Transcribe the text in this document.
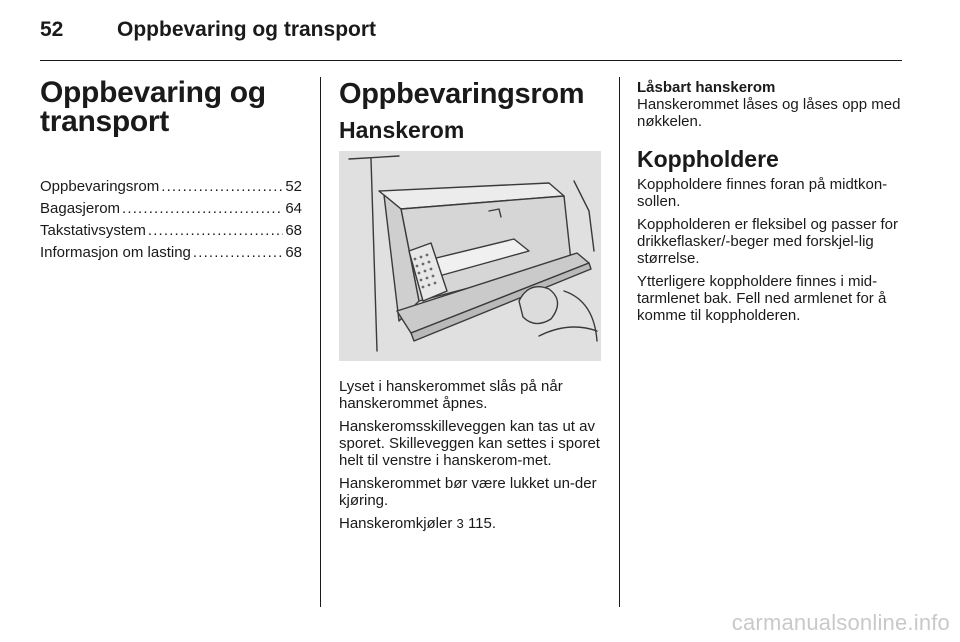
52	Oppbevaring og transport
Oppbevaring og
transport
Oppbevaringsrom . . .	52
Bagasjerom . . .	64
Takstativsystem . . .	68
Informasjon om lasting . . .	68
Oppbevaringsrom
Hanskerom

Lyset i hanskerommet slås på når hanskerommet åpnes.

Hanskeromsskilleveggen kan tas ut av sporet. Skilleveggen kan settes i sporet helt til venstre i hanskerom-met.

Hanskerommet bør være lukket un-der kjøring.

Hanskeromkjøler 3 115.

Låsbart hanskerom

Hanskerommet låses og låses opp med nøkkelen.

Koppholdere

Koppholdere finnes foran på midtkon-sollen.

Koppholderen er fleksibel og passer for drikkeflasker/-beger med forskjel-lig størrelse.

Ytterligere koppholdere finnes i mid-tarmlenet bak. Fell ned armlenet for å komme til koppholderen.

carmanualsonline.info
